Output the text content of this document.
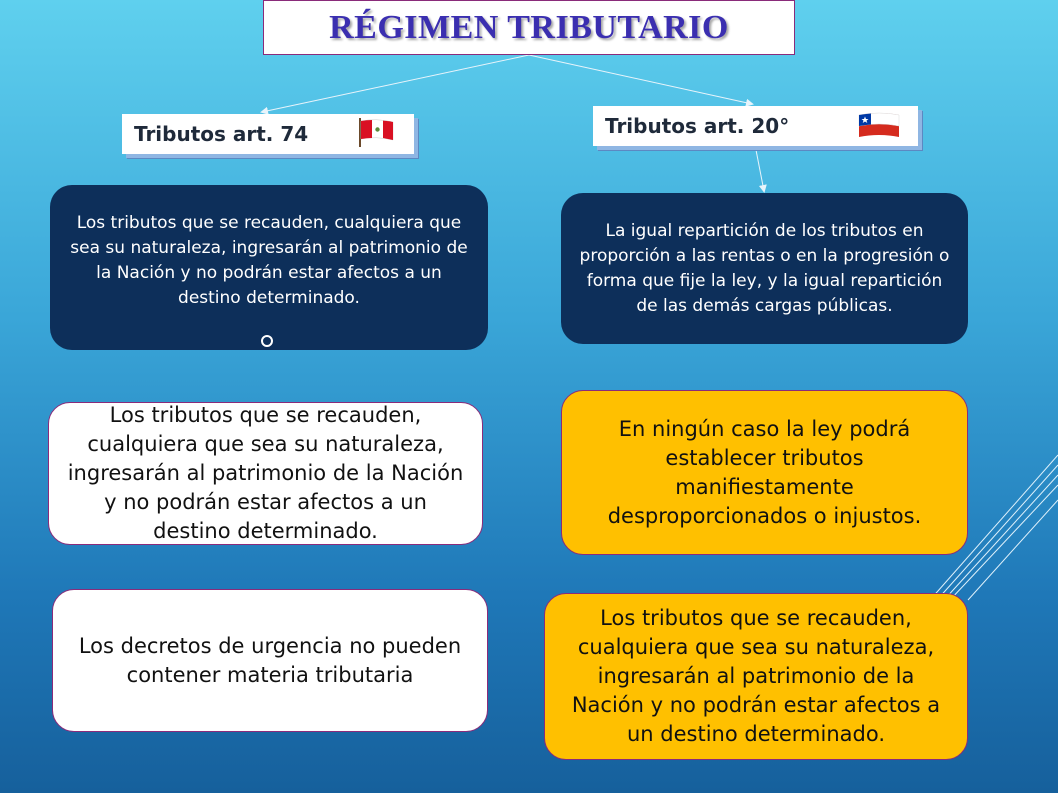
RÉGIMEN TRIBUTARIO
Tributos art. 74	Tributos art. 20°
Los tributos que se recauden, cualquiera que sea su naturaleza, ingresarán al patrimonio de la Nación y no podrán estar afectos a un destino determinado.
La igual repartición de los tributos en proporción a las rentas o en la progresión o forma que fije la ley, y la igual repartición de las demás cargas públicas.
Los tributos que se recauden, cualquiera que sea su naturaleza, ingresarán al patrimonio de la Nación y no podrán estar afectos a un destino determinado.
En ningún caso la ley podrá establecer tributos manifiestamente desproporcionados o injustos.
Los decretos de urgencia no pueden contener materia tributaria
Los tributos que se recauden, cualquiera que sea su naturaleza, ingresarán al patrimonio de la Nación y no podrán estar afectos a un destino determinado.
